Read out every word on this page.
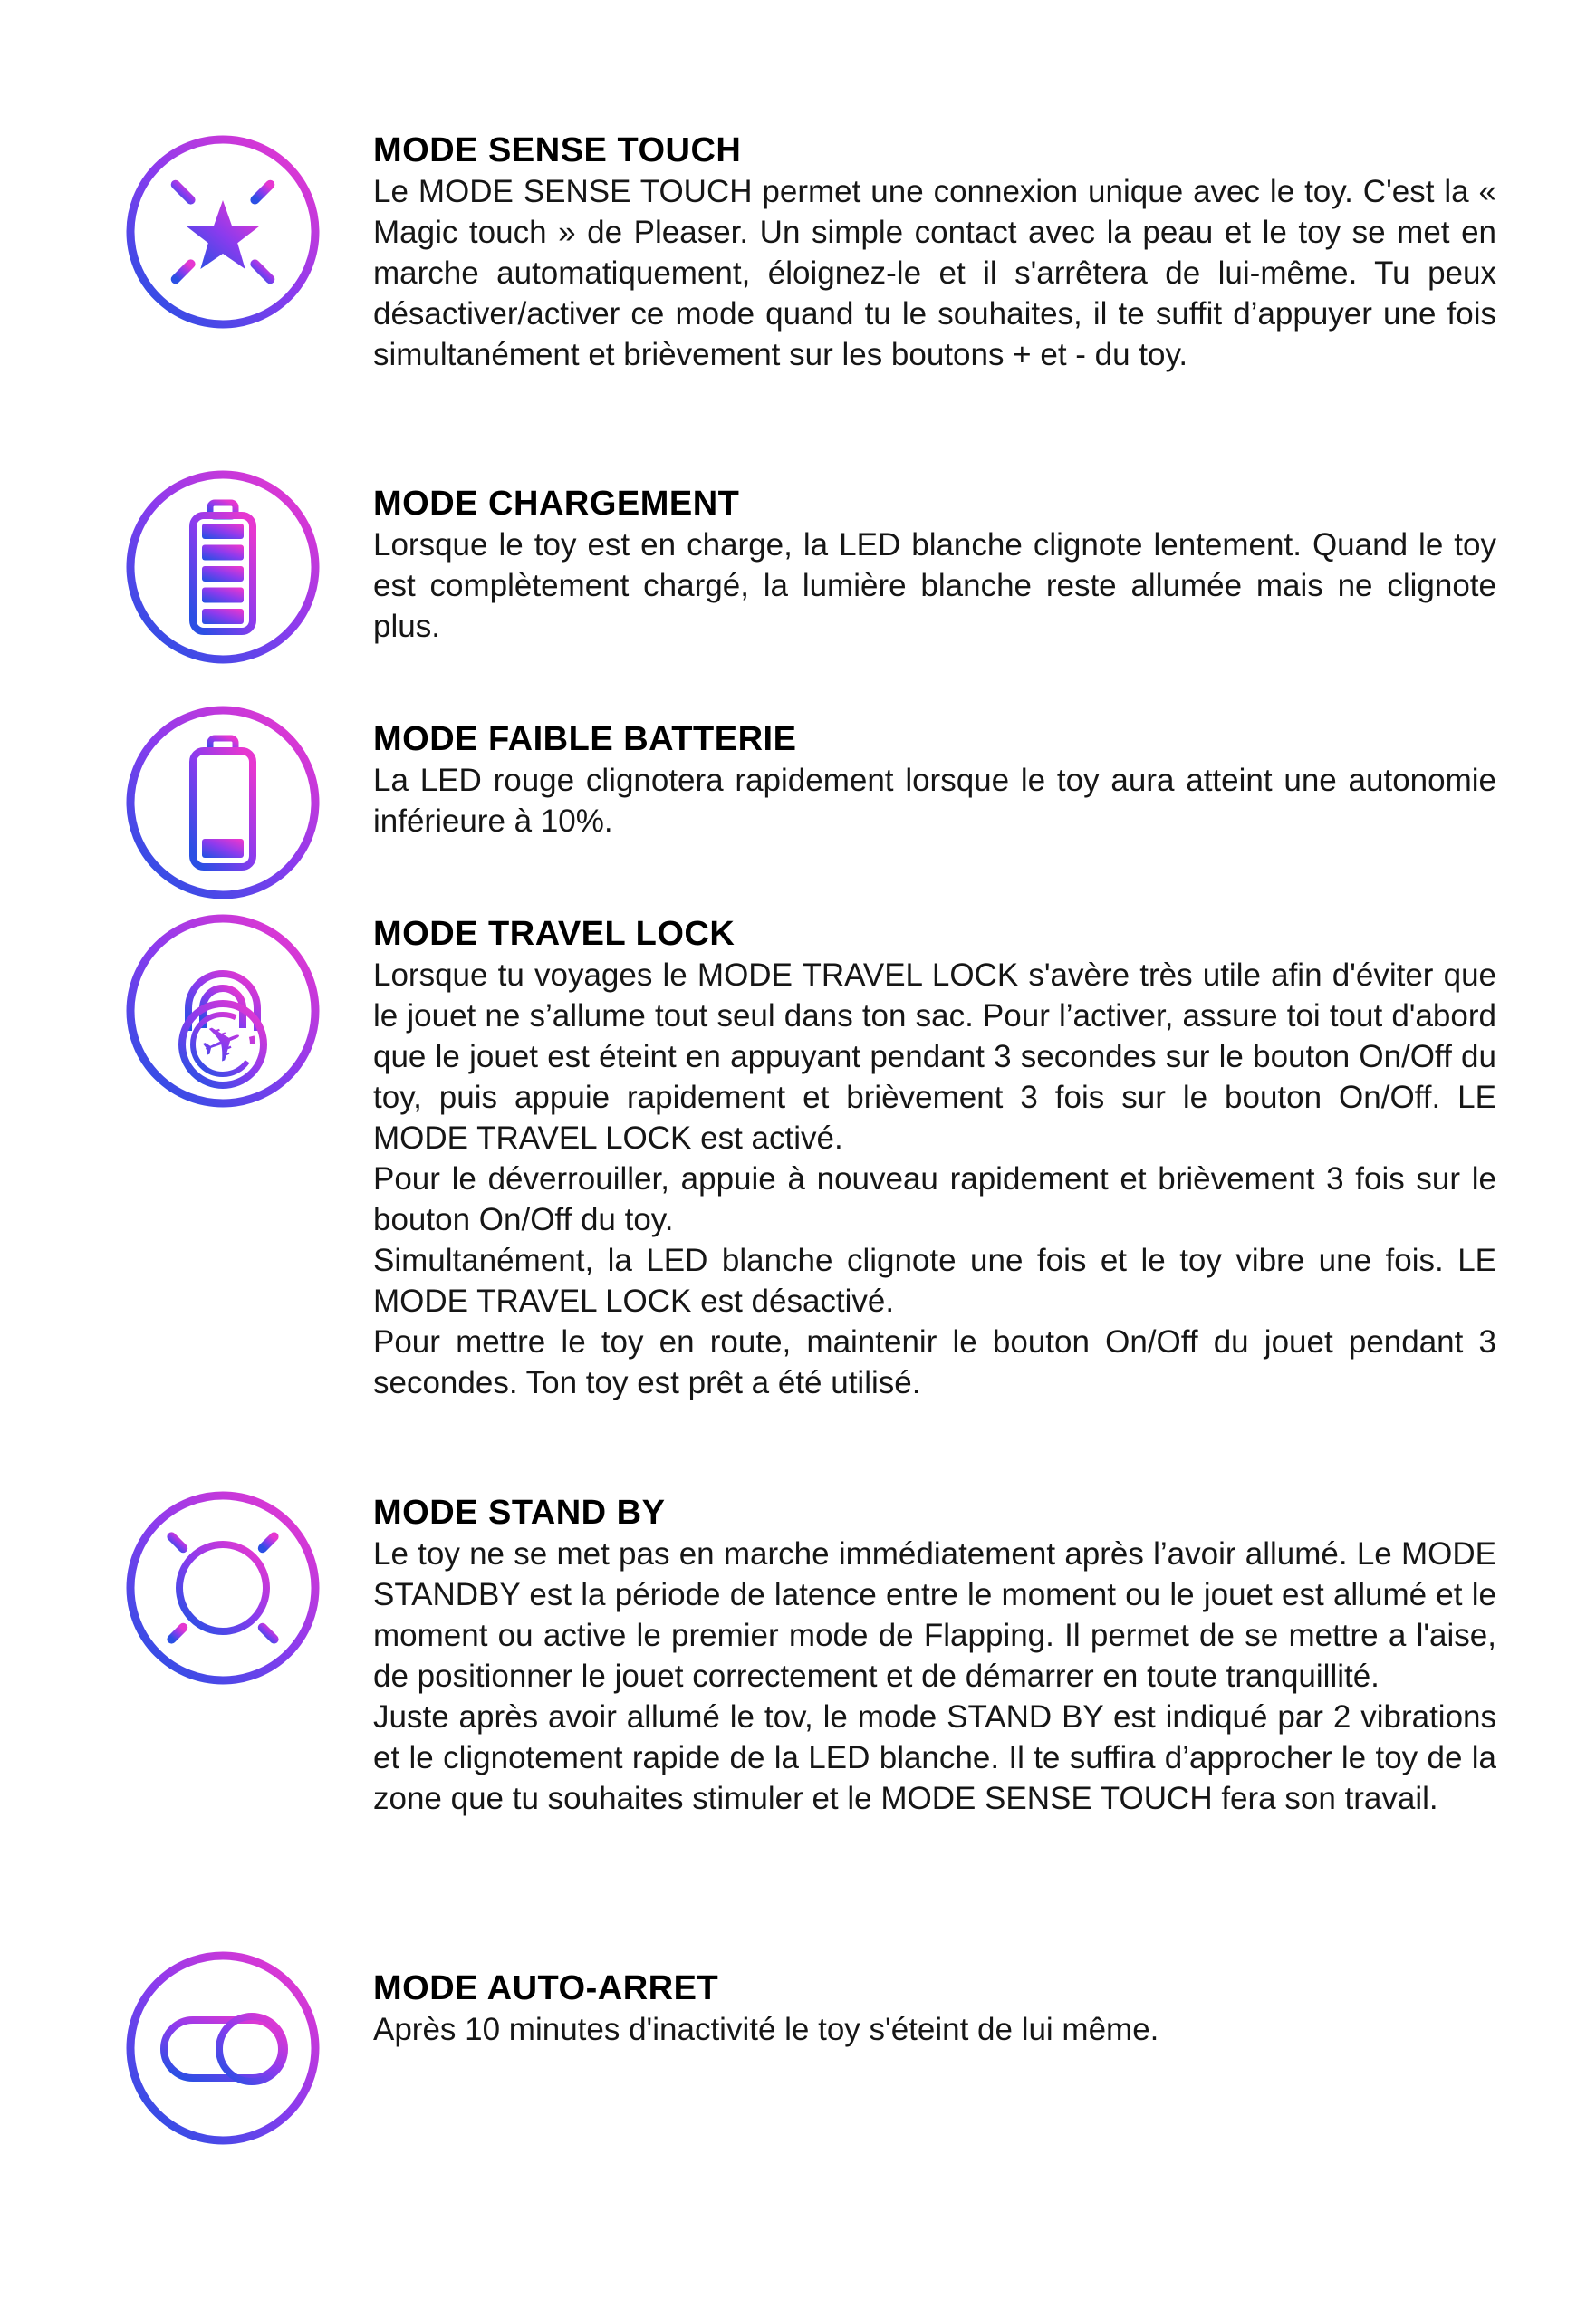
MODE SENSE TOUCH

Le MODE SENSE TOUCH permet une connexion unique avec le toy. C'est la « Magic touch » de Pleaser. Un simple contact avec la peau et le toy se met en marche automatiquement, éloignez-le et il s'arrêtera de lui-même. Tu peux désactiver/activer ce mode quand tu le souhaites, il te suffit d’appuyer une fois simultanément et brièvement sur les boutons + et - du toy.

MODE CHARGEMENT

Lorsque le toy est en charge, la LED blanche clignote lentement. Quand le toy est complètement chargé, la lumière blanche reste allumée mais ne clignote plus.

MODE FAIBLE BATTERIE

La LED rouge clignotera rapidement lorsque le toy aura atteint une autonomie inférieure à 10%.

✈
MODE TRAVEL LOCK

Lorsque tu voyages le MODE TRAVEL LOCK s'avère très utile afin d'éviter que le jouet ne s’allume tout seul dans ton sac. Pour l’activer, assure toi tout d'abord que le jouet est éteint en appuyant pendant 3 secondes sur le bouton On/Off du toy, puis appuie rapidement et brièvement 3 fois sur le bouton On/Off. LE MODE TRAVEL LOCK est activé.

Pour le déverrouiller, appuie à nouveau rapidement et brièvement 3 fois sur le bouton On/Off du toy.

Simultanément, la LED blanche clignote une fois et le toy vibre une fois. LE MODE TRAVEL LOCK est désactivé.

Pour mettre le toy en route, maintenir le bouton On/Off du jouet pendant 3 secondes. Ton toy est prêt a été utilisé.

MODE STAND BY

Le toy ne se met pas en marche immédiatement après l’avoir allumé. Le MODE STANDBY est la période de latence entre le moment ou le jouet est allumé et le moment ou active le premier mode de Flapping. Il permet de se mettre a l'aise, de positionner le jouet correctement et de démarrer en toute tranquillité.

Juste après avoir allumé le tov, le mode STAND BY est indiqué par 2 vibrations et le clignotement rapide de la LED blanche. Il te suffira d’approcher le toy de la zone que tu souhaites stimuler et le MODE SENSE TOUCH fera son travail.

MODE AUTO-ARRET

Après 10 minutes d'inactivité le toy s'éteint de lui même.
